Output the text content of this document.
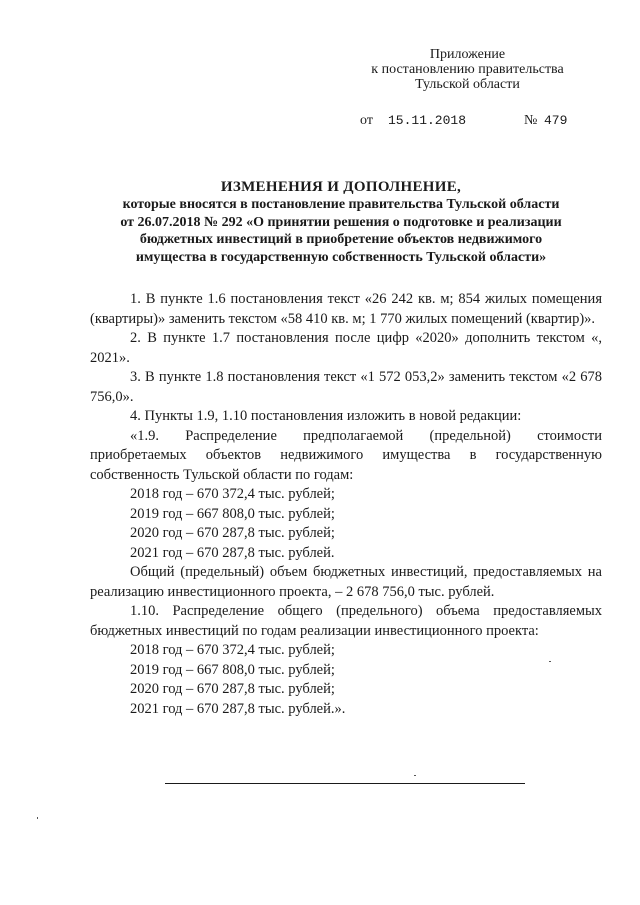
Приложение
к постановлению правительства
Тульской области
от 15.11.2018	№ 479
ИЗМЕНЕНИЯ И ДОПОЛНЕНИЕ,
которые вносятся в постановление правительства Тульской области
от 26.07.2018 № 292 «О принятии решения о подготовке и реализации
бюджетных инвестиций в приобретение объектов недвижимого
имущества в государственную собственность Тульской области»

1. В пункте 1.6 постановления текст «26 242 кв. м; 854 жилых помещения (квартиры)» заменить текстом «58 410 кв. м; 1 770 жилых помещений (квартир)».

2. В пункте 1.7 постановления после цифр «2020» дополнить текстом «, 2021».

3. В пункте 1.8 постановления текст «1 572 053,2» заменить текстом «2 678 756,0».

4. Пункты 1.9, 1.10 постановления изложить в новой редакции:

«1.9. Распределение предполагаемой (предельной) стоимости приобретаемых объектов недвижимого имущества в государственную собственность Тульской области по годам:

2018 год – 670 372,4 тыс. рублей;

2019 год – 667 808,0 тыс. рублей;

2020 год – 670 287,8 тыс. рублей;

2021 год – 670 287,8 тыс. рублей.

Общий (предельный) объем бюджетных инвестиций, предоставляемых на реализацию инвестиционного проекта, – 2 678 756,0 тыс. рублей.

1.10. Распределение общего (предельного) объема предоставляемых бюджетных инвестиций по годам реализации инвестиционного проекта:

2018 год – 670 372,4 тыс. рублей;

2019 год – 667 808,0 тыс. рублей;

2020 год – 670 287,8 тыс. рублей;

2021 год – 670 287,8 тыс. рублей.».
